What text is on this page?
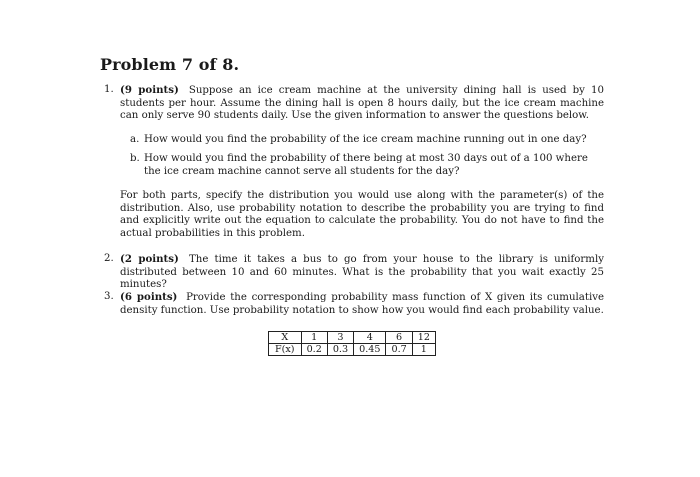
Problem 7 of 8.
1. (9 points) Suppose an ice cream machine at the university dining hall is used by 10 students per hour. Assume the dining hall is open 8 hours daily, but the ice cream machine can only serve 90 students daily. Use the given information to answer the questions below.
a. How would you find the probability of the ice cream machine running out in one day?
b. How would you find the probability of there being at most 30 days out of a 100 where the ice cream machine cannot serve all students for the day?
For both parts, specify the distribution you would use along with the parameter(s) of the distribution. Also, use probability notation to describe the probability you are trying to find and explicitly write out the equation to calculate the probability. You do not have to find the actual probabilities in this problem.
2. (2 points) The time it takes a bus to go from your house to the library is uniformly distributed between 10 and 60 minutes. What is the probability that you wait exactly 25 minutes?
3. (6 points) Provide the corresponding probability mass function of X given its cumulative density function. Use probability notation to show how you would find each probability value.
X	1	3	4	6	12
F(x)	0.2	0.3	0.45	0.7	1
